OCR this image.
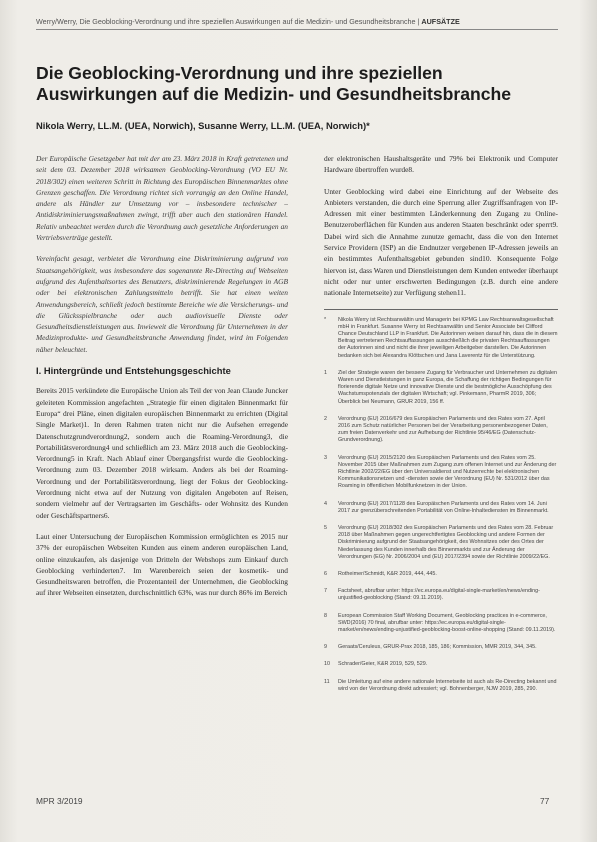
Werry/Werry, Die Geoblocking-Verordnung und ihre speziellen Auswirkungen auf die Medizin- und Gesundheitsbranche | AUFSÄTZE
Die Geoblocking-Verordnung und ihre speziellen Auswirkungen auf die Medizin- und Gesundheitsbranche
Nikola Werry, LL.M. (UEA, Norwich), Susanne Werry, LL.M. (UEA, Norwich)*

Der Europäische Gesetzgeber hat mit der am 23. März 2018 in Kraft getretenen und seit dem 03. Dezember 2018 wirksamen Geoblocking-Verordnung (VO EU Nr. 2018/302) einen weiteren Schritt in Richtung des Europäischen Binnenmarktes ohne Grenzen geschaffen. Die Verordnung richtet sich vorrangig an den Online Handel, andere als Händler zur Umsetzung vor – insbesondere technischer – Antidiskriminierungsmaßnahmen zwingt, trifft aber auch den stationären Handel. Relativ unbeachtet werden durch die Verordnung auch gesetzliche Anforderungen an Vertriebsverträge gestellt.

Vereinfacht gesagt, verbietet die Verordnung eine Diskriminierung aufgrund von Staatsangehörigkeit, was insbesondere das sogenannte Re-Directing auf Webseiten aufgrund des Aufenthaltsortes des Benutzers, diskriminierende Regelungen in AGB oder bei elektronischen Zahlungsmitteln betrifft. Sie hat einen weiten Anwendungsbereich, schließt jedoch bestimmte Bereiche wie die Versicherungs- und die Glücksspielbranche oder auch audiovisuelle Dienste oder Gesundheitsdienstleistungen aus. Inwieweit die Verordnung für Unternehmen in der Medizinprodukte- und Gesundheitsbranche Anwendung findet, wird im Folgenden näher beleuchtet.

I. Hintergründe und Entstehungsgeschichte

Bereits 2015 verkündete die Europäische Union als Teil der von Jean Claude Juncker geleiteten Kommission angefachten „Strategie für einen digitalen Binnenmarkt für Europa“ drei Pläne, einen digitalen europäischen Binnenmarkt zu errichten (Digital Single Market)1. In deren Rahmen traten nicht nur die Aufsehen erregende Datenschutzgrundverordnung2, sondern auch die Roaming-Verordnung3, die Portabilitätsverordnung4 und schließlich am 23. März 2018 auch die Geoblocking-Verordnung5 in Kraft. Nach Ablauf einer Übergangsfrist wurde die Geoblocking-Verordnung zum 03. Dezember 2018 wirksam. Anders als bei der Roaming-Verordnung und der Portabilitätsverordnung, liegt der Fokus der Geoblocking-Verordnung nicht etwa auf der Nutzung von digitalen Angeboten auf Reisen, sondern vielmehr auf der Vertragsarten im Geschäfts- oder Wohnsitz des Kunden oder Geschäftspartners6.

Laut einer Untersuchung der Europäischen Kommission ermöglichten es 2015 nur 37% der europäischen Webseiten Kunden aus einem anderen europäischen Land, online einzukaufen, als dasjenige von Dritteln der Webshops zum Einkauf durch Geoblocking verhinderten7. Im Warenbereich seien der kosmetik- und Gesundheitswaren betroffen, die Prozentanteil der Unternehmen, die Geoblocking auf ihrer Webseiten einsetzten, durchschnittlich 63%, was nur durch 86% im Bereich

der elektronischen Haushaltsgeräte und 79% bei Elektronik und Computer Hardware übertroffen wurde8.

Unter Geoblocking wird dabei eine Einrichtung auf der Webseite des Anbieters verstanden, die durch eine Sperrung aller Zugriffsanfragen von IP-Adressen mit einer bestimmten Länderkennung den Zugang zu Online-Benutzeroberflächen für Kunden aus anderen Staaten beschränkt oder sperrt9. Dabei wird sich die Annahme zunutze gemacht, dass die von den Internet Service Providern (ISP) an die Endnutzer vergebenen IP-Adressen jeweils an ein bestimmtes Aufenthaltsgebiet gebunden sind10. Konsequente Folge hiervon ist, dass Waren und Dienstleistungen dem Kunden entweder überhaupt nicht oder nur unter erschwerten Bedingungen (z.B. durch eine andere nationale Internetseite) zur Verfügung stehen11.

* Nikola Werry ist Rechtsanwältin und Managerin bei KPMG Law Rechtsanwaltsgesellschaft mbH in Frankfurt. Susanne Werry ist Rechtsanwältin und Senior Associate bei Clifford Chance Deutschland LLP in Frankfurt. Die Autorinnen weisen darauf hin, dass die in diesem Beitrag vertretenen Rechtsauffassungen ausschließlich die privaten Rechtsauffassungen der Autorinnen sind und nicht die ihrer jeweiligen Arbeitgeber darstellen. Die Autorinnen bedanken sich bei Alexandra Klöttschen und Jana Laverentz für die Unterstützung.

1 Ziel der Strategie waren der bessere Zugang für Verbraucher und Unternehmen zu digitalen Waren und Dienstleistungen in ganz Europa, die Schaffung der richtigen Bedingungen für florierende digitale Netze und innovative Dienste und die bestmögliche Ausschöpfung des Wachstumspotenzials der digitalen Wirtschaft; vgl. Pinkemann, PharmR 2019, 306; Überblick bei Neumann, GRUR 2019, 156 ff.

2 Verordnung (EU) 2016/679 des Europäischen Parlaments und des Rates vom 27. April 2016 zum Schutz natürlicher Personen bei der Verarbeitung personenbezogener Daten, zum freien Datenverkehr und zur Aufhebung der Richtlinie 95/46/EG (Datenschutz-Grundverordnung).

3 Verordnung (EU) 2015/2120 des Europäischen Parlaments und des Rates vom 25. November 2015 über Maßnahmen zum Zugang zum offenen Internet und zur Änderung der Richtlinie 2002/22/EG über den Universaldienst und Nutzerrechte bei elektronischen Kommunikationsnetzen und -diensten sowie der Verordnung (EU) Nr. 531/2012 über das Roaming in öffentlichen Mobilfunknetzen in der Union.

4 Verordnung (EU) 2017/1128 des Europäischen Parlaments und des Rates vom 14. Juni 2017 zur grenzüberschreitenden Portabilität von Online-Inhaltediensten im Binnenmarkt.

5 Verordnung (EU) 2018/302 des Europäischen Parlaments und des Rates vom 28. Februar 2018 über Maßnahmen gegen ungerechtfertigtes Geoblocking und andere Formen der Diskriminierung aufgrund der Staatsangehörigkeit, des Wohnsitzes oder des Ortes der Niederlassung des Kunden innerhalb des Binnenmarkts und zur Änderung der Verordnungen (EG) Nr. 2006/2004 und (EU) 2017/2394 sowie der Richtlinie 2009/22/EG.

6 Rotheimer/Schmidt, K&R 2019, 444, 445.

7 Factsheet, abrufbar unter: https://ec.europa.eu/digital-single-market/en/news/ending-unjustified-geoblocking (Stand: 09.11.2019).

8 European Commission Staff Working Document, Geoblocking practices in e-commerce, SWD(2016) 70 final, abrufbar unter: https://ec.europa.eu/digital-single-market/en/news/ending-unjustified-geoblocking-boost-online-shopping (Stand: 09.11.2019).

9 Geraats/Ceruleus, GRUR-Prax 2018, 185, 186; Kommission, MMR 2019, 344, 345.

10 Schrader/Geier, K&R 2019, 529, 529.

11 Die Umleitung auf eine andere nationale Internetseite ist auch als Re-Directing bekannt und wird von der Verordnung direkt adressiert; vgl. Bohnenberger, NJW 2019, 285, 290.

MPR 3/2019	77
